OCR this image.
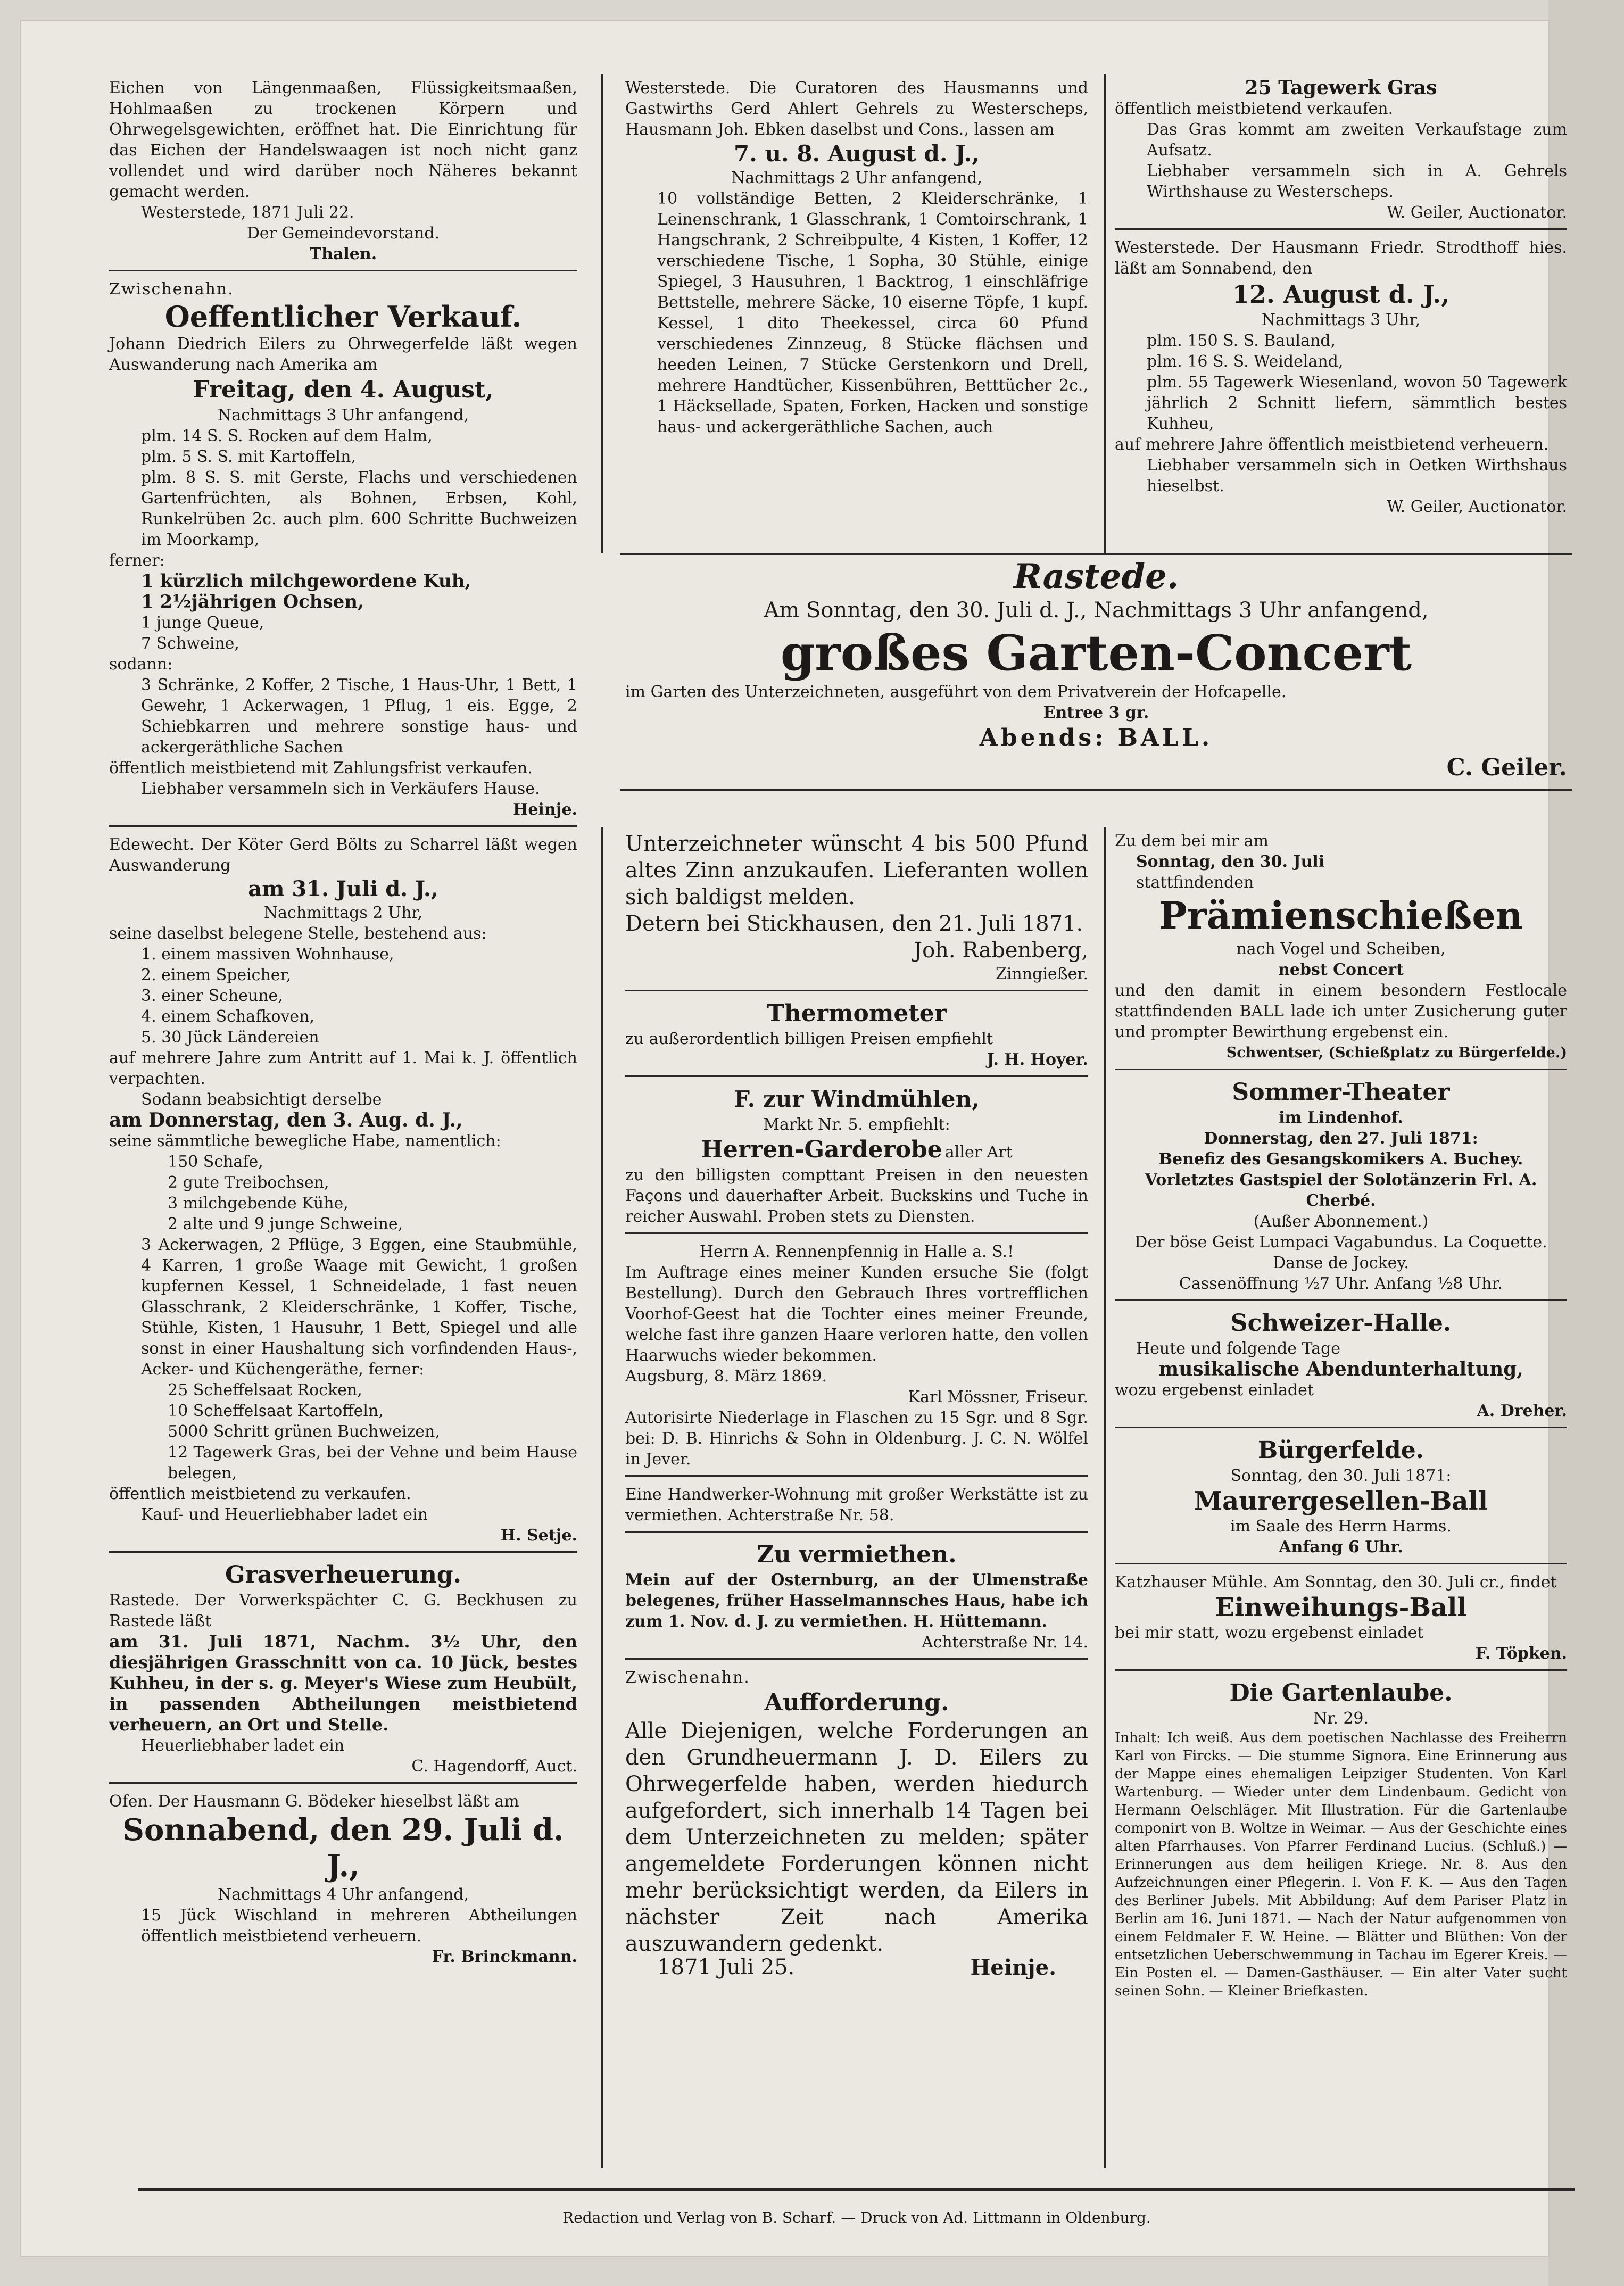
Eichen von Längenmaaßen, Flüssigkeitsmaaßen, Hohlmaaßen zu trockenen Körpern und Ohrwegelsgewichten, eröffnet hat. Die Einrichtung für das Eichen der Handelswaagen ist noch nicht ganz vollendet und wird darüber noch Näheres bekannt gemacht werden.
Westerstede, 1871 Juli 22.
Der Gemeindevorstand.
Thalen.
Zwischenahn.
Oeffentlicher Verkauf.
Johann Diedrich Eilers zu Ohrwegerfelde läßt wegen Auswanderung nach Amerika am
Freitag, den 4. August,
Nachmittags 3 Uhr anfangend,
plm. 14 S. S. Rocken auf dem Halm,
plm. 5 S. S. mit Kartoffeln,
plm. 8 S. S. mit Gerste, Flachs und verschiedenen Gartenfrüchten, als Bohnen, Erbsen, Kohl, Runkelrüben 2c. auch plm. 600 Schritte Buchweizen im Moorkamp,
ferner:
1 kürzlich milchgewordene Kuh,
1 2½jährigen Ochsen,
1 junge Queue,
7 Schweine,
sodann:
3 Schränke, 2 Koffer, 2 Tische, 1 Haus-Uhr, 1 Bett, 1 Gewehr, 1 Ackerwagen, 1 Pflug, 1 eis. Egge, 2 Schiebkarren und mehrere sonstige haus- und ackergeräthliche Sachen
öffentlich meistbietend mit Zahlungsfrist verkaufen.
Liebhaber versammeln sich in Verkäufers Hause.
Heinje.
Edewecht. Der Köter Gerd Bölts zu Scharrel läßt wegen Auswanderung
am 31. Juli d. J.,
Nachmittags 2 Uhr,
seine daselbst belegene Stelle, bestehend aus:
1. einem massiven Wohnhause,
2. einem Speicher,
3. einer Scheune,
4. einem Schafkoven,
5. 30 Jück Ländereien
auf mehrere Jahre zum Antritt auf 1. Mai k. J. öffentlich verpachten.
Sodann beabsichtigt derselbe
am Donnerstag, den 3. Aug. d. J.,
seine sämmtliche bewegliche Habe, namentlich:
150 Schafe,
2 gute Treibochsen,
3 milchgebende Kühe,
2 alte und 9 junge Schweine,
3 Ackerwagen, 2 Pflüge, 3 Eggen, eine Staubmühle, 4 Karren, 1 große Waage mit Gewicht, 1 großen kupfernen Kessel, 1 Schneidelade, 1 fast neuen Glasschrank, 2 Kleiderschränke, 1 Koffer, Tische, Stühle, Kisten, 1 Hausuhr, 1 Bett, Spiegel und alle sonst in einer Haushaltung sich vorfindenden Haus-, Acker- und Küchengeräthe, ferner:
25 Scheffelsaat Rocken,
10 Scheffelsaat Kartoffeln,
5000 Schritt grünen Buchweizen,
12 Tagewerk Gras, bei der Vehne und beim Hause belegen,
öffentlich meistbietend zu verkaufen.
Kauf- und Heuerliebhaber ladet ein
H. Setje.
Grasverheuerung.
Rastede. Der Vorwerkspächter C. G. Beckhusen zu Rastede läßt
am 31. Juli 1871, Nachm. 3½ Uhr, den diesjährigen Grasschnitt von ca. 10 Jück, bestes Kuhheu, in der s. g. Meyer's Wiese zum Heubült, in passenden Abtheilungen meistbietend verheuern, an Ort und Stelle.
Heuerliebhaber ladet ein
C. Hagendorff, Auct.
Ofen. Der Hausmann G. Bödeker hieselbst läßt am
Sonnabend, den 29. Juli d. J.,
Nachmittags 4 Uhr anfangend,
15 Jück Wischland in mehreren Abtheilungen öffentlich meistbietend verheuern.
Fr. Brinckmann.
Westerstede. Die Curatoren des Hausmanns und Gastwirths Gerd Ahlert Gehrels zu Westerscheps, Hausmann Joh. Ebken daselbst und Cons., lassen am
7. u. 8. August d. J.,
Nachmittags 2 Uhr anfangend,
10 vollständige Betten, 2 Kleiderschränke, 1 Leinenschrank, 1 Glasschrank, 1 Comtoirschrank, 1 Hangschrank, 2 Schreibpulte, 4 Kisten, 1 Koffer, 12 verschiedene Tische, 1 Sopha, 30 Stühle, einige Spiegel, 3 Hausuhren, 1 Backtrog, 1 einschläfrige Bettstelle, mehrere Säcke, 10 eiserne Töpfe, 1 kupf. Kessel, 1 dito Theekessel, circa 60 Pfund verschiedenes Zinnzeug, 8 Stücke flächsen und heeden Leinen, 7 Stücke Gerstenkorn und Drell, mehrere Handtücher, Kissenbühren, Betttücher 2c., 1 Häcksellade, Spaten, Forken, Hacken und sonstige haus- und ackergeräthliche Sachen, auch
25 Tagewerk Gras
öffentlich meistbietend verkaufen.
Das Gras kommt am zweiten Verkaufstage zum Aufsatz.
Liebhaber versammeln sich in A. Gehrels Wirthshause zu Westerscheps.
W. Geiler, Auctionator.
Westerstede. Der Hausmann Friedr. Strodthoff hies. läßt am Sonnabend, den
12. August d. J.,
Nachmittags 3 Uhr,
plm. 150 S. S. Bauland,
plm. 16 S. S. Weideland,
plm. 55 Tagewerk Wiesenland, wovon 50 Tagewerk jährlich 2 Schnitt liefern, sämmtlich bestes Kuhheu,
auf mehrere Jahre öffentlich meistbietend verheuern.
Liebhaber versammeln sich in Oetken Wirthshaus hieselbst.
W. Geiler, Auctionator.
Rastede.
Am Sonntag, den 30. Juli d. J., Nachmittags 3 Uhr anfangend,
großes Garten-Concert
im Garten des Unterzeichneten, ausgeführt von dem Privatverein der Hofcapelle.
Entree 3 gr.
Abends: BALL.
C. Geiler.
Unterzeichneter wünscht 4 bis 500 Pfund altes Zinn anzukaufen. Lieferanten wollen sich baldigst melden.
Detern bei Stickhausen, den 21. Juli 1871.
Joh. Rabenberg,
Zinngießer.
Thermometer
zu außerordentlich billigen Preisen empfiehlt
J. H. Hoyer.
F. zur Windmühlen,
Markt Nr. 5. empfiehlt:
Herren-Garderobe aller Art
zu den billigsten compttant Preisen in den neuesten Façons und dauerhafter Arbeit. Buckskins und Tuche in reicher Auswahl. Proben stets zu Diensten.
Herrn A. Rennenpfennig in Halle a. S.!
Im Auftrage eines meiner Kunden ersuche Sie (folgt Bestellung). Durch den Gebrauch Ihres vortrefflichen Voorhof-Geest hat die Tochter eines meiner Freunde, welche fast ihre ganzen Haare verloren hatte, den vollen Haarwuchs wieder bekommen.
Augsburg, 8. März 1869.
Karl Mössner, Friseur.
Autorisirte Niederlage in Flaschen zu 15 Sgr. und 8 Sgr. bei: D. B. Hinrichs & Sohn in Oldenburg. J. C. N. Wölfel in Jever.
Eine Handwerker-Wohnung mit großer Werkstätte ist zu vermiethen. Achterstraße Nr. 58.
Zu vermiethen.
Mein auf der Osternburg, an der Ulmenstraße belegenes, früher Hasselmannsches Haus, habe ich zum 1. Nov. d. J. zu vermiethen. H. Hüttemann.
Achterstraße Nr. 14.
Zwischenahn.
Aufforderung.
Alle Diejenigen, welche Forderungen an den Grundheuermann J. D. Eilers zu Ohrwegerfelde haben, werden hiedurch aufgefordert, sich innerhalb 14 Tagen bei dem Unterzeichneten zu melden; später angemeldete Forderungen können nicht mehr berücksichtigt werden, da Eilers in nächster Zeit nach Amerika auszuwandern gedenkt.
1871 Juli 25.	Heinje.
Zu dem bei mir am
Sonntag, den 30. Juli
stattfindenden
Prämienschießen
nach Vogel und Scheiben,
nebst Concert
und den damit in einem besondern Festlocale stattfindenden BALL lade ich unter Zusicherung guter und prompter Bewirthung ergebenst ein.
Schwentser, (Schießplatz zu Bürgerfelde.)
Sommer-Theater
im Lindenhof.
Donnerstag, den 27. Juli 1871:
Benefiz des Gesangskomikers A. Buchey.
Vorletztes Gastspiel der Solotänzerin Frl. A. Cherbé.
(Außer Abonnement.)
Der böse Geist Lumpaci Vagabundus. La Coquette. Danse de Jockey.
Cassenöffnung ½7 Uhr. Anfang ½8 Uhr.
Schweizer-Halle.
Heute und folgende Tage
musikalische Abendunterhaltung,
wozu ergebenst einladet
A. Dreher.
Bürgerfelde.
Sonntag, den 30. Juli 1871:
Maurergesellen-Ball
im Saale des Herrn Harms.
Anfang 6 Uhr.
Katzhauser Mühle. Am Sonntag, den 30. Juli cr., findet
Einweihungs-Ball
bei mir statt, wozu ergebenst einladet
F. Töpken.
Die Gartenlaube.
Nr. 29.
Inhalt: Ich weiß. Aus dem poetischen Nachlasse des Freiherrn Karl von Fircks. — Die stumme Signora. Eine Erinnerung aus der Mappe eines ehemaligen Leipziger Studenten. Von Karl Wartenburg. — Wieder unter dem Lindenbaum. Gedicht von Hermann Oelschläger. Mit Illustration. Für die Gartenlaube componirt von B. Woltze in Weimar. — Aus der Geschichte eines alten Pfarrhauses. Von Pfarrer Ferdinand Lucius. (Schluß.) — Erinnerungen aus dem heiligen Kriege. Nr. 8. Aus den Aufzeichnungen einer Pflegerin. I. Von F. K. — Aus den Tagen des Berliner Jubels. Mit Abbildung: Auf dem Pariser Platz in Berlin am 16. Juni 1871. — Nach der Natur aufgenommen von einem Feldmaler F. W. Heine. — Blätter und Blüthen: Von der entsetzlichen Ueberschwemmung in Tachau im Egerer Kreis. — Ein Posten el. — Damen-Gasthäuser. — Ein alter Vater sucht seinen Sohn. — Kleiner Briefkasten.
Redaction und Verlag von B. Scharf. — Druck von Ad. Littmann in Oldenburg.
